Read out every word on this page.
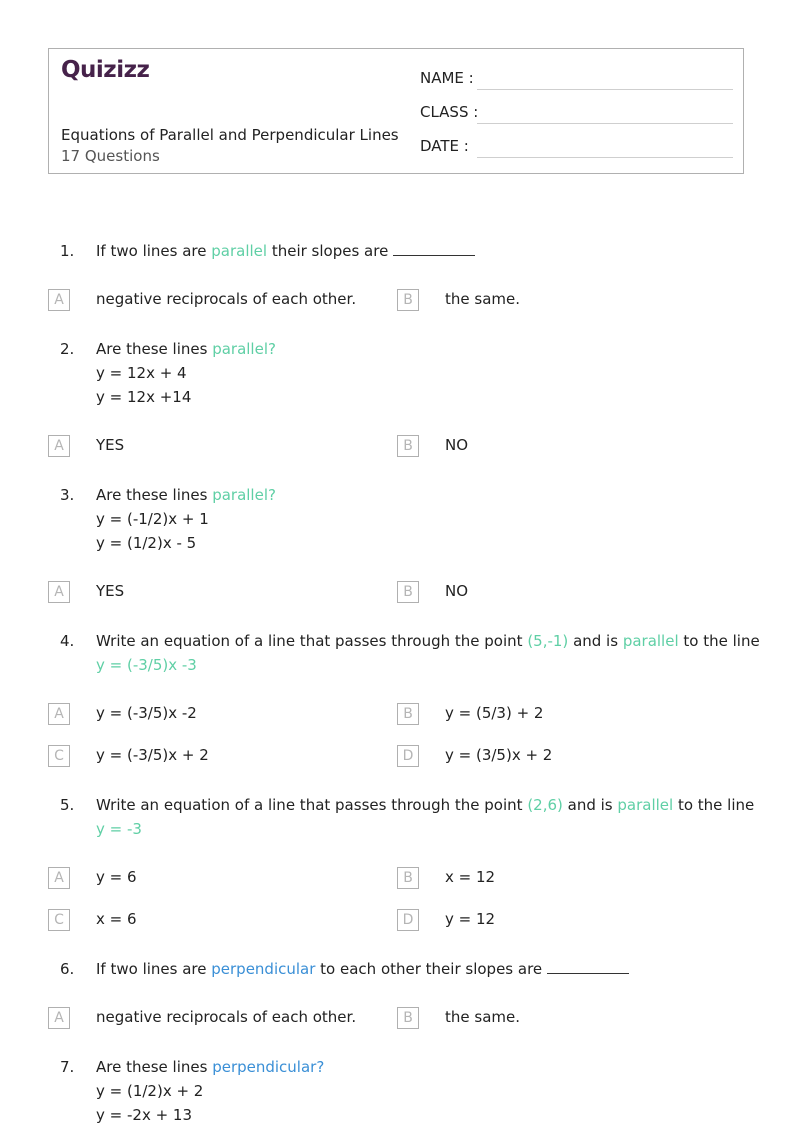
Quizizz
Equations of Parallel and Perpendicular Lines
17 Questions
NAME :
CLASS :
DATE :
1. If two lines are parallel their slopes are
A	negative reciprocals of each other.	B	the same.
2. Are these lines parallel?
y = 12x + 4
y = 12x +14
A	YES	B	NO
3. Are these lines parallel?
y = (-1/2)x + 1
y = (1/2)x - 5
A	YES	B	NO
4. Write an equation of a line that passes through the point (5,-1) and is parallel to the line
y = (-3/5)x -3
A	y = (-3/5)x -2	B	y = (5/3) + 2
C	y = (-3/5)x + 2	D	y = (3/5)x + 2
5. Write an equation of a line that passes through the point (2,6) and is parallel to the line
y = -3
A	y = 6	B	x = 12
C	x = 6	D	y = 12
6. If two lines are perpendicular to each other their slopes are
A	negative reciprocals of each other.	B	the same.
7. Are these lines perpendicular?
y = (1/2)x + 2
y = -2x + 13
